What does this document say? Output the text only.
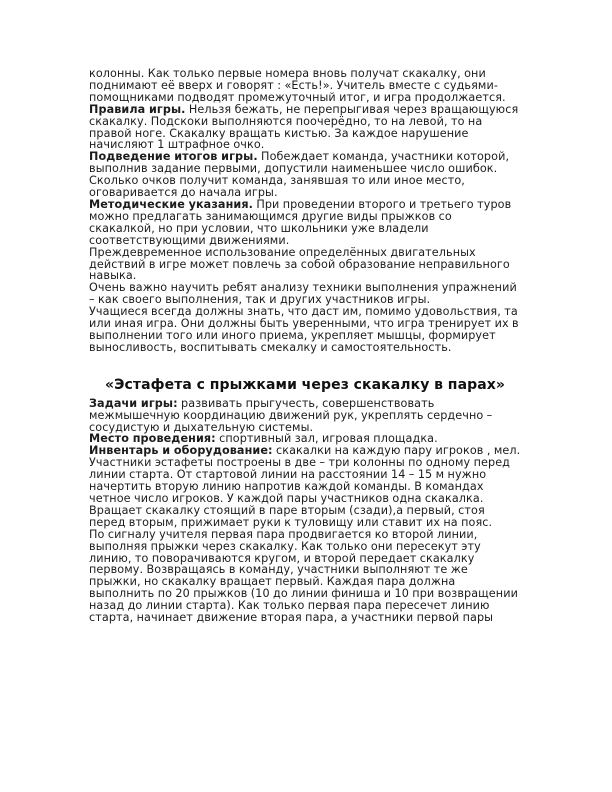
колонны. Как только первые номера вновь получат скакалку, они поднимают её вверх и говорят : «Есть!». Учитель вместе с судьями-помощниками подводят промежуточный итог, и игра продолжается.

Правила игры. Нельзя бежать, не перепрыгивая через вращающуюся скакалку. Подскоки выполняются поочерёдно, то на левой, то на правой ноге. Скакалку вращать кистью. За каждое нарушение начисляют 1 штрафное очко.

Подведение итогов игры. Побеждает команда, участники которой, выполнив задание первыми, допустили наименьшее число ошибок. Сколько очков получит команда, занявшая то или иное место, оговаривается до начала игры.

Методические указания. При проведении второго и третьего туров можно предлагать занимающимся другие виды прыжков со скакалкой, но при условии, что школьники уже владели соответствующими движениями.

Преждевременное использование определённых двигательных действий в игре может повлечь за собой образование неправильного навыка.

Очень важно научить ребят анализу техники выполнения упражнений – как своего выполнения, так и других участников игры.

Учащиеся всегда должны знать, что даст им, помимо удовольствия, та или иная игра. Они должны быть уверенными, что игра тренирует их в выполнении того или иного приема, укрепляет мышцы, формирует выносливость, воспитывать смекалку и самостоятельность.

«Эстафета с прыжками через скакалку в парах»

Задачи игры: развивать прыгучесть, совершенствовать межмышечную координацию движений рук, укреплять сердечно – сосудистую и дыхательную системы.

Место проведения: спортивный зал, игровая площадка.

Инвентарь и оборудование: скакалки на каждую пару игроков , мел.

Участники эстафеты построены в две – три колонны по одному перед линии старта. От стартовой линии на расстоянии 14 – 15 м нужно начертить вторую линию напротив каждой команды. В командах четное число игроков. У каждой пары участников одна скакалка. Вращает скакалку стоящий в паре вторым (сзади),а первый, стоя перед вторым, прижимает руки к туловищу или ставит их на пояс.

По сигналу учителя первая пара продвигается ко второй линии, выполняя прыжки через скакалку. Как только они пересекут эту линию, то поворачиваются кругом, и второй передает скакалку первому. Возвращаясь в команду, участники выполняют те же прыжки, но скакалку вращает первый. Каждая пара должна выполнить по 20 прыжков (10 до линии финиша и 10 при возвращении назад до линии старта). Как только первая пара пересечет линию старта, начинает движение вторая пара, а участники первой пары
